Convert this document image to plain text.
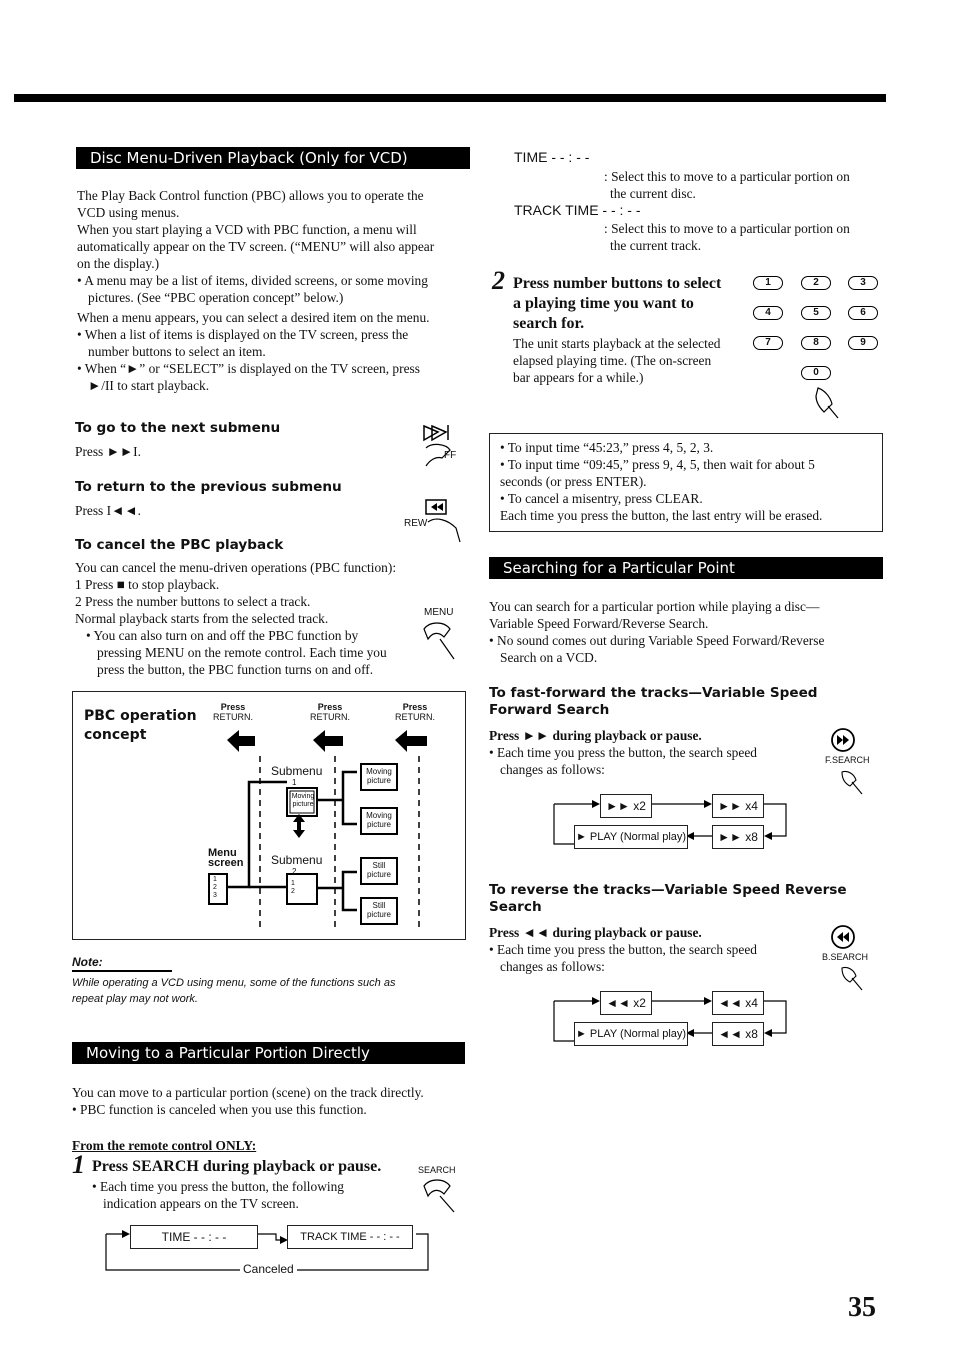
Disc Menu-Driven Playback (Only for VCD)
The Play Back Control function (PBC) allows you to operate the
VCD using menus.
When you start playing a VCD with PBC function, a menu will
automatically appear on the TV screen. (“MENU” will also appear
on the display.)
• A menu may be a list of items, divided screens, or some moving
pictures. (See “PBC operation concept” below.)
When a menu appears, you can select a desired item on the menu.
• When a list of items is displayed on the TV screen, press the
number buttons to select an item.
• When “►” or “SELECT” is displayed on the TV screen, press
►/II to start playback.
To go to the next submenu
Press ►►I.	FF
To return to the previous submenu
Press I◄◄.
REW
To cancel the PBC playback
You can cancel the menu-driven operations (PBC function):
1 Press ■ to stop playback.
2 Press the number buttons to select a track.
Normal playback starts from the selected track.
• You can also turn on and off the PBC function by
pressing MENU on the remote control. Each time you
press the button, the PBC function turns on and off.
MENU
PBC operation
concept
Press
RETURN.
Press
RETURN.
Press
RETURN.
Submenu
1
Submenu
2
Menu
screen
1
2
3
1
2
Moving
picture
Moving
picture
Moving
picture
Still
picture
Still
picture
Note:
While operating a VCD using menu, some of the functions such as
repeat play may not work.
Moving to a Particular Portion Directly
You can move to a particular portion (scene) on the track directly.
• PBC function is canceled when you use this function.
From the remote control ONLY:
1 Press SEARCH during playback or pause.	SEARCH
• Each time you press the button, the following
indication appears on the TV screen.
TIME - - : - -	TRACK TIME - - : - -
Canceled
TIME - - : - -
: Select this to move to a particular portion on
the current disc.
TRACK TIME - - : - -
: Select this to move to a particular portion on
the current track.
2 Press number buttons to select
a playing time you want to
search for.
The unit starts playback at the selected
elapsed playing time. (The on-screen
bar appears for a while.)
1	2	3
4	5	6
7	8	9
0
• To input time “45:23,” press 4, 5, 2, 3.
• To input time “09:45,” press 9, 4, 5, then wait for about 5
seconds (or press ENTER).
• To cancel a misentry, press CLEAR.
Each time you press the button, the last entry will be erased.
Searching for a Particular Point
You can search for a particular portion while playing a disc—
Variable Speed Forward/Reverse Search.
• No sound comes out during Variable Speed Forward/Reverse
Search on a VCD.
To fast-forward the tracks—Variable Speed
Forward Search
Press ►► during playback or pause.
• Each time you press the button, the search speed
changes as follows:
F.SEARCH
►► x2	►► x4
► PLAY (Normal play)	►► x8
To reverse the tracks—Variable Speed Reverse
Search
Press ◄◄ during playback or pause.
• Each time you press the button, the search speed
changes as follows:
B.SEARCH
◄◄ x2	◄◄ x4
► PLAY (Normal play)	◄◄ x8
35
